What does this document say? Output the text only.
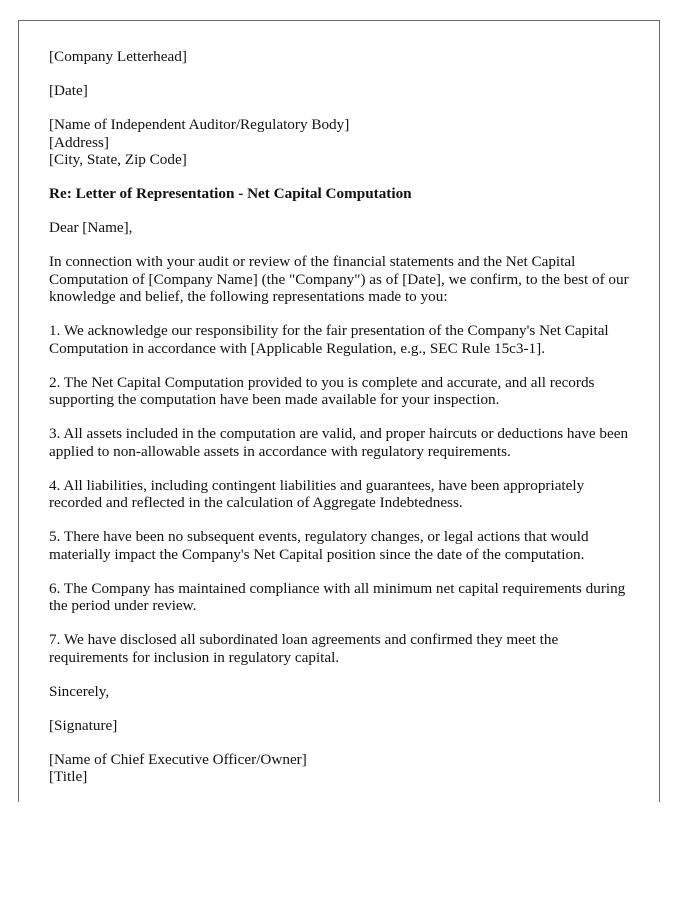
[Company Letterhead]

[Date]

[Name of Independent Auditor/Regulatory Body]
[Address]
[City, State, Zip Code]

Re: Letter of Representation - Net Capital Computation

Dear [Name],

In connection with your audit or review of the financial statements and the Net Capital Computation of [Company Name] (the "Company") as of [Date], we confirm, to the best of our knowledge and belief, the following representations made to you:

1. We acknowledge our responsibility for the fair presentation of the Company's Net Capital Computation in accordance with [Applicable Regulation, e.g., SEC Rule 15c3-1].

2. The Net Capital Computation provided to you is complete and accurate, and all records supporting the computation have been made available for your inspection.

3. All assets included in the computation are valid, and proper haircuts or deductions have been applied to non-allowable assets in accordance with regulatory requirements.

4. All liabilities, including contingent liabilities and guarantees, have been appropriately recorded and reflected in the calculation of Aggregate Indebtedness.

5. There have been no subsequent events, regulatory changes, or legal actions that would materially impact the Company's Net Capital position since the date of the computation.

6. The Company has maintained compliance with all minimum net capital requirements during the period under review.

7. We have disclosed all subordinated loan agreements and confirmed they meet the requirements for inclusion in regulatory capital.

Sincerely,

[Signature]

[Name of Chief Executive Officer/Owner]
[Title]
